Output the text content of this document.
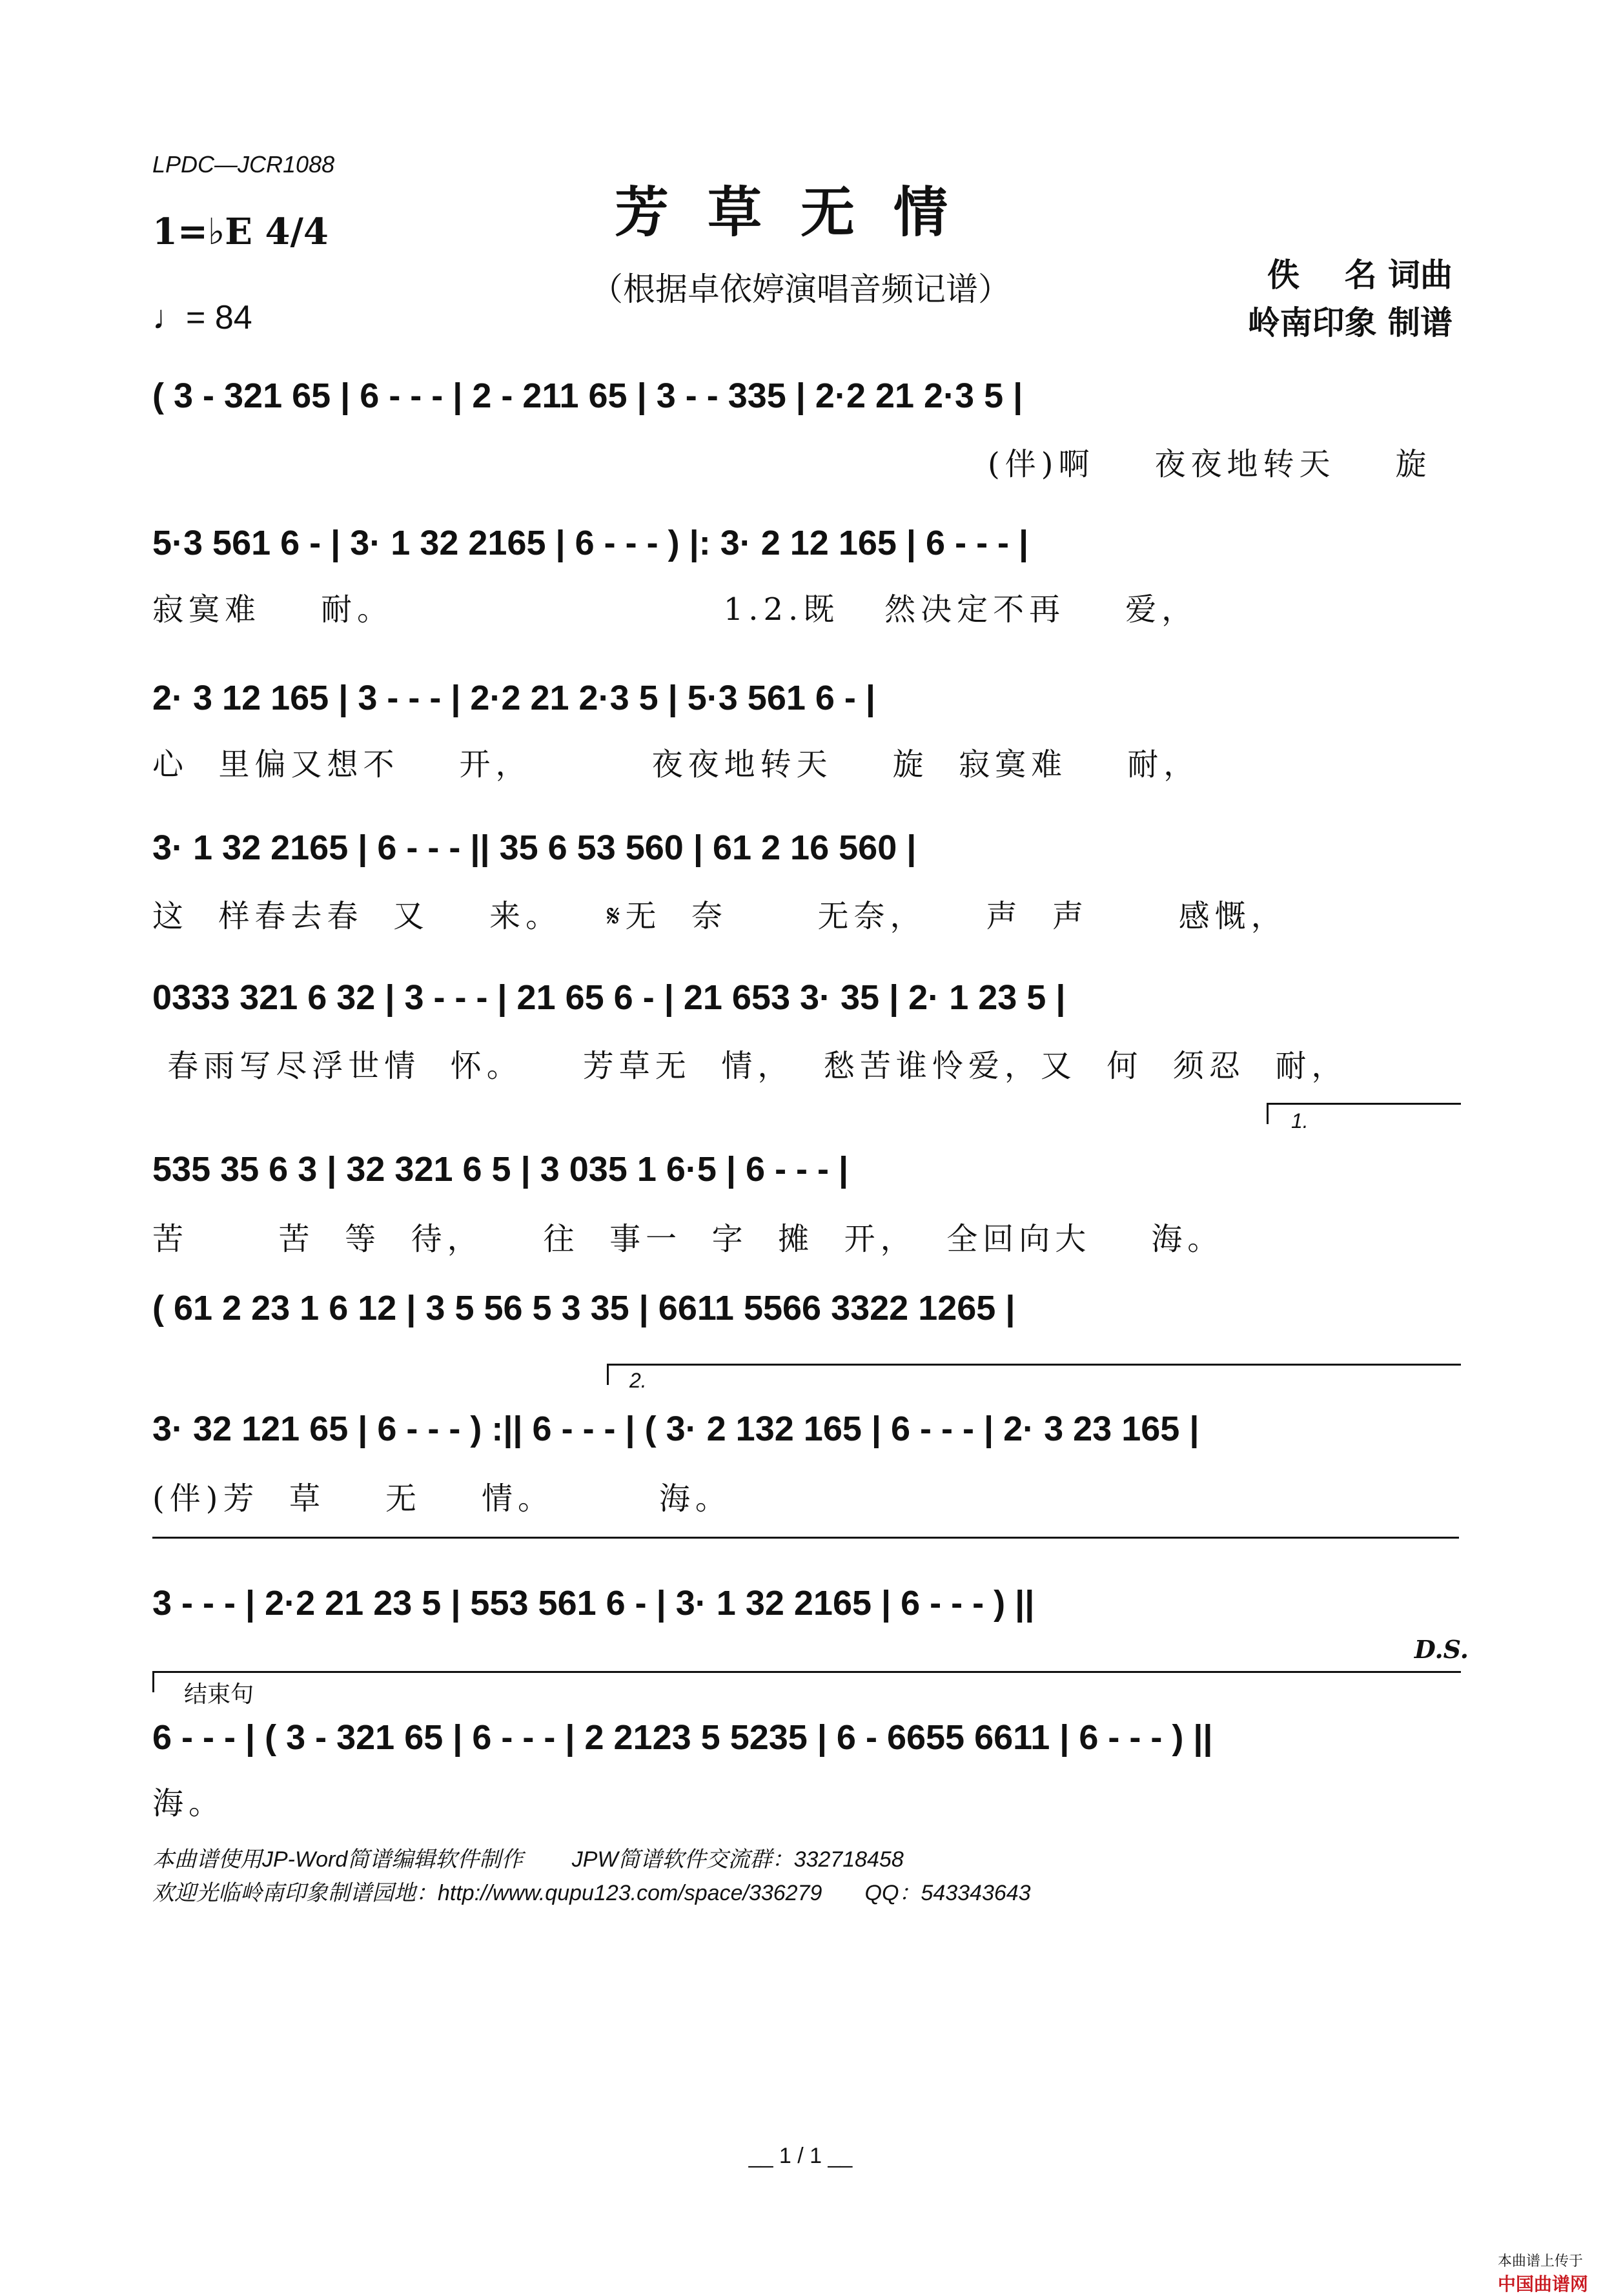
LPDC—JCR1088
芳草无情
（根据卓依婷演唱音频记谱）	佚    名 词曲
岭南印象 制谱
1=♭E 4/4
♩= 84
( 3 - 321 65 | 6 - - - | 2 - 211 65 | 3 - - 335 | 2·2 21 2·3 5 |
(伴)啊    夜夜地转天    旋
5·3 561 6 - | 3· 1 32 2165 | 6 - - - ) |: 3· 2 12 165 | 6 - - - |
寂寞难    耐。                      1.2.既   然决定不再    爱，
2· 3 12 165 | 3 - - - | 2·2 21 2·3 5 | 5·3 561 6 - |
心  里偏又想不    开，        夜夜地转天    旋  寂寞难    耐，
3· 1 32 2165 | 6 - - - || 35 6 53 560 | 61 2 16 560 |
这  样春去春  又    来。   𝄋无  奈      无奈，    声  声      感慨，
0333 321 6 32 | 3 - - - | 21 65 6 - | 21 653 3· 35 | 2· 1 23 5 |
春雨写尽浮世情  怀。    芳草无  情，  愁苦谁怜爱，又  何  须忍  耐，
1.
535 35 6 3 | 32 321 6 5 | 3 035 1 6·5 | 6 - - - |
苦      苦  等  待，    往  事一  字  摊  开，  全回向大    海。
( 61 2 23 1 6 12 | 3 5 56 5 3 35 | 6611 5566 3322 1265 |
2.
3· 32 121 65 | 6 - - - ) :|| 6 - - - | ( 3· 2 132 165 | 6 - - - | 2· 3 23 165 |
(伴)芳  草    无    情。       海。
3 - - - | 2·2 21 23 5 | 553 561 6 - | 3· 1 32 2165 | 6 - - - ) ||
D.S.
结束句
6 - - - | ( 3 - 321 65 | 6 - - - | 2 2123 5 5235 | 6 - 6655 6611 | 6 - - - ) ||
海。
本曲谱使用JP-Word简谱编辑软件制作        JPW简谱软件交流群：332718458
欢迎光临岭南印象制谱园地：http://www.qupu123.com/space/336279       QQ：543343643
__ 1 / 1 __

本曲谱上传于
中国曲谱网
